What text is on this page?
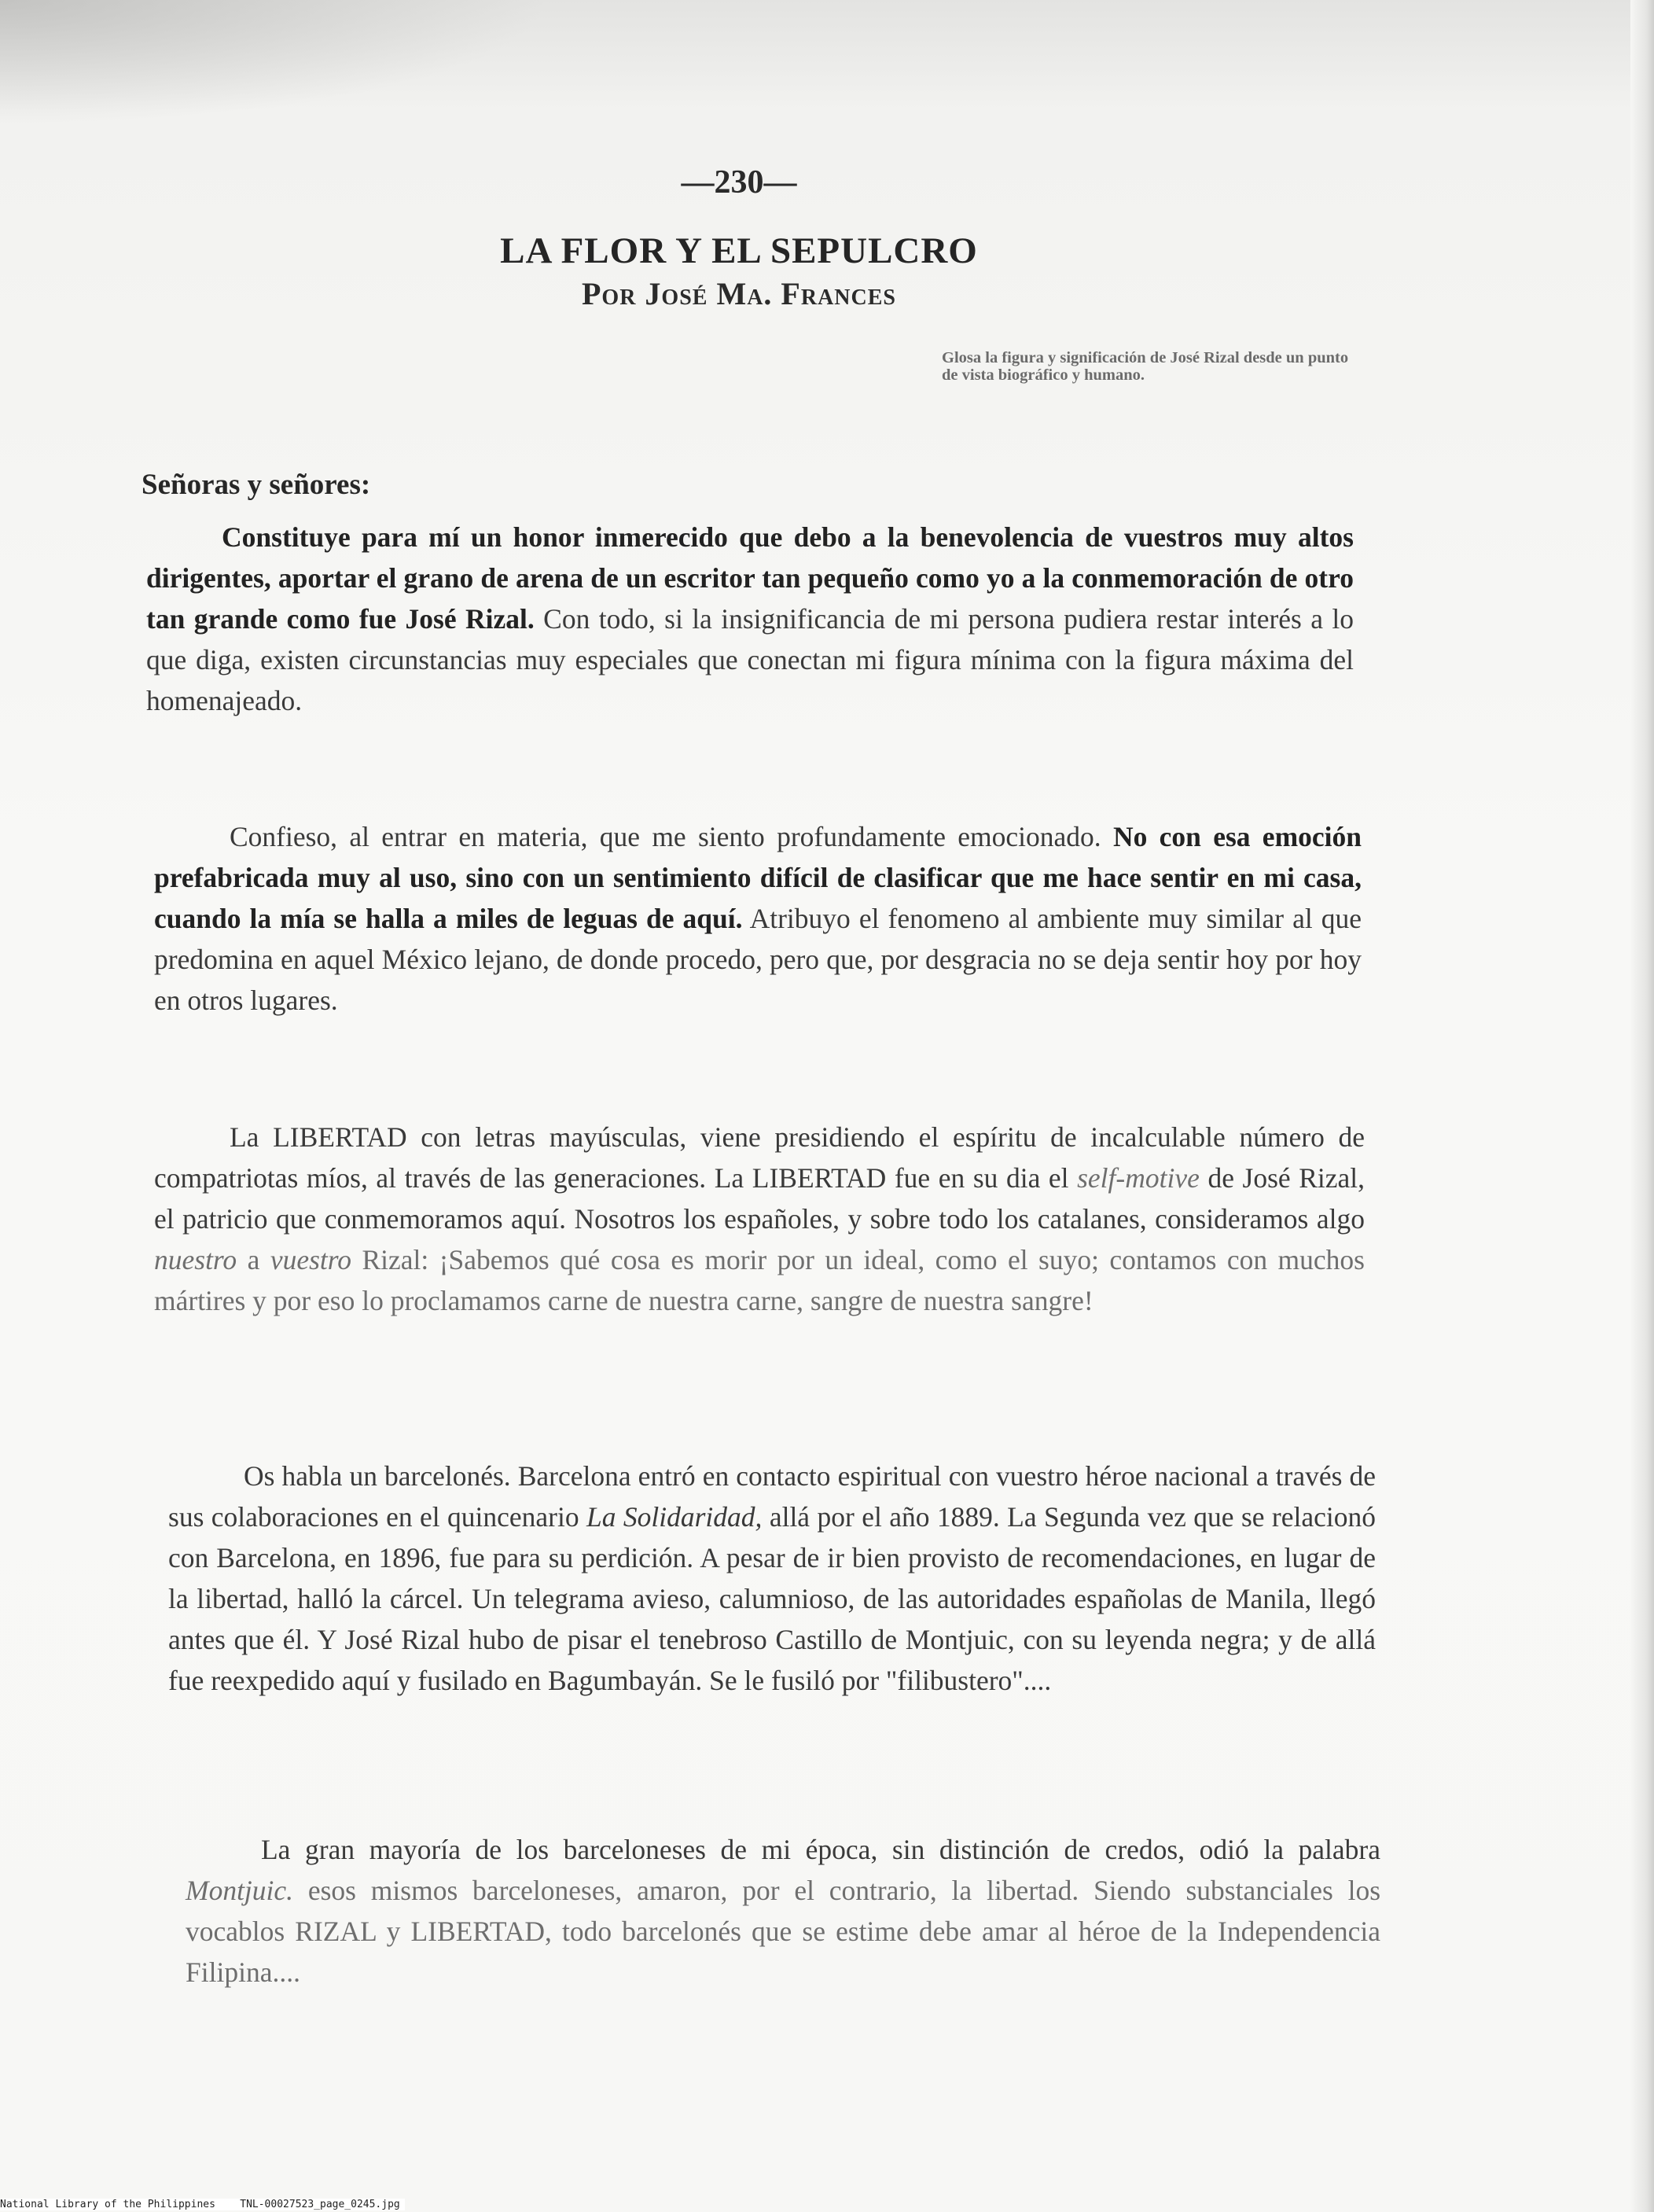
—230—
LA FLOR Y EL SEPULCRO
Por José Ma. Frances
Glosa la figura y significación de José Rizal desde un punto de vista biográfico y humano.
Señoras y señores:
Constituye para mí un honor inmerecido que debo a la benevolencia de vuestros muy altos dirigentes, aportar el grano de arena de un escritor tan pequeño como yo a la conmemoración de otro tan grande como fue José Rizal. Con todo, si la insignificancia de mi persona pudiera restar interés a lo que diga, existen circunstancias muy especiales que conectan mi figura mínima con la figura máxima del homenajeado.
Confieso, al entrar en materia, que me siento profundamente emocionado. No con esa emoción prefabricada muy al uso, sino con un sentimiento difícil de clasificar que me hace sentir en mi casa, cuando la mía se halla a miles de leguas de aquí. Atribuyo el fenomeno al ambiente muy similar al que predomina en aquel México lejano, de donde procedo, pero que, por desgracia no se deja sentir hoy por hoy en otros lugares.
La LIBERTAD con letras mayúsculas, viene presidiendo el espíritu de incalculable número de compatriotas míos, al través de las generaciones. La LIBERTAD fue en su dia el self-motive de José Rizal, el patricio que conmemoramos aquí. Nosotros los españoles, y sobre todo los catalanes, consideramos algo nuestro a vuestro Rizal: ¡Sabemos qué cosa es morir por un ideal, como el suyo; contamos con muchos mártires y por eso lo proclamamos carne de nuestra carne, sangre de nuestra sangre!
Os habla un barcelonés. Barcelona entró en contacto espiritual con vuestro héroe nacional a través de sus colaboraciones en el quincenario La Solidaridad, allá por el año 1889. La Segunda vez que se relacionó con Barcelona, en 1896, fue para su perdición. A pesar de ir bien provisto de recomendaciones, en lugar de la libertad, halló la cárcel. Un telegrama avieso, calumnioso, de las autoridades españolas de Manila, llegó antes que él. Y José Rizal hubo de pisar el tenebroso Castillo de Montjuic, con su leyenda negra; y de allá fue reexpedido aquí y fusilado en Bagumbayán. Se le fusiló por "filibustero"....
La gran mayoría de los barceloneses de mi época, sin distinción de credos, odió la palabra Montjuic. esos mismos barceloneses, amaron, por el contrario, la libertad. Siendo substanciales los vocablos RIZAL y LIBERTAD, todo barcelonés que se estime debe amar al héroe de la Independencia Filipina....
National Library of the Philippines TNL-00027523_page_0245.jpg
